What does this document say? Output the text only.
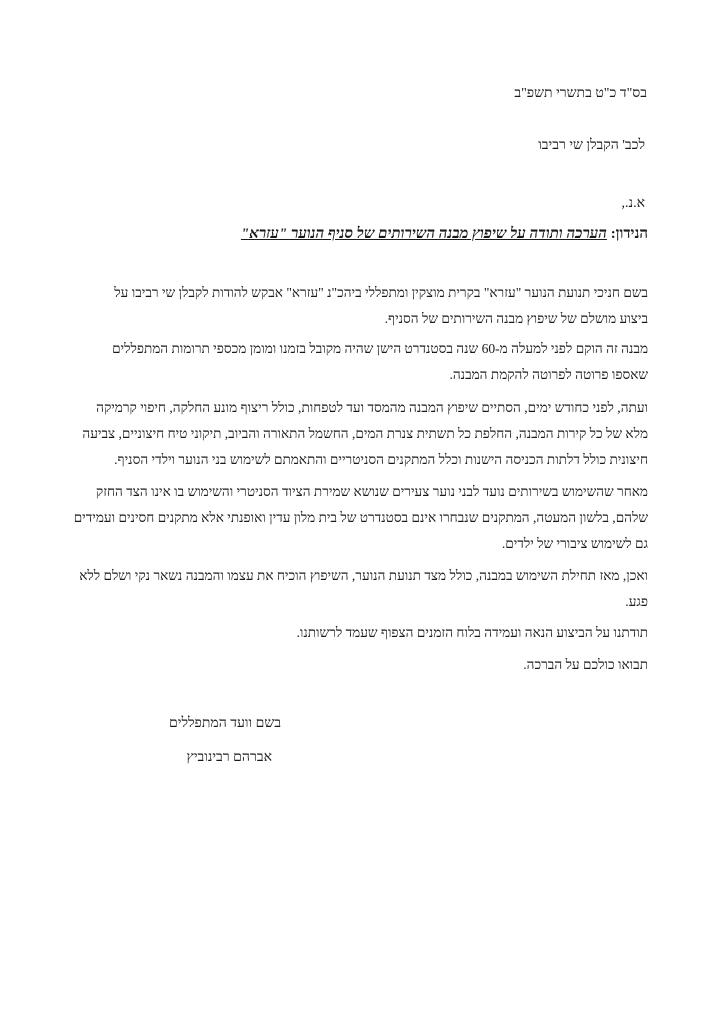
בס"ד כ"ט בתשרי תשפ"ב
לכב' הקבלן שי רביבו
א.נ.,
הנידון: הערכה ותודה על שיפוץ מבנה השירותים של סניף הנוער "עזרא"
בשם חניכי תנועת הנוער "עזרא" בקרית מוצקין ומתפללי ביהכ"נ "עזרא" אבקש להודות לקבלן שי רביבו על
ביצוע מושלם של שיפוץ מבנה השירותים של הסניף.
מבנה זה הוקם לפני למעלה מ-60 שנה בסטנדרט הישן שהיה מקובל בזמנו ומומן מכספי תרומות המתפללים
שאספו פרוטה לפרוטה להקמת המבנה.
ועתה, לפני כחודש ימים, הסתיים שיפוץ המבנה מהמסד ועד לטפחות, כולל ריצוף מונע החלקה, חיפוי קרמיקה
מלא של כל קירות המבנה, החלפת כל תשתית צנרת המים, החשמל התאורה והביוב, תיקוני טיח חיצוניים, צביעה
חיצונית כולל דלתות הכניסה הישנות וכלל המתקנים הסניטריים והתאמתם לשימוש בני הנוער וילדי הסניף.
מאחר שהשימוש בשירותים נועד לבני נוער צעירים שנושא שמירת הציוד הסניטרי והשימוש בו אינו הצד החזק
שלהם, בלשון המעטה, המתקנים שנבחרו אינם בסטנדרט של בית מלון עדין ואופנתי אלא מתקנים חסינים ועמידים
גם לשימוש ציבורי של ילדים.
ואכן, מאז תחילת השימוש במבנה, כולל מצד תנועת הנוער, השיפוץ הוכיח את עצמו והמבנה נשאר נקי ושלם ללא
פגע.
תודתנו על הביצוע הנאה ועמידה בלוח הזמנים הצפוף שעמד לרשותנו.
תבואו כולכם על הברכה.
בשם וועד המתפללים
אברהם רבינוביץ
